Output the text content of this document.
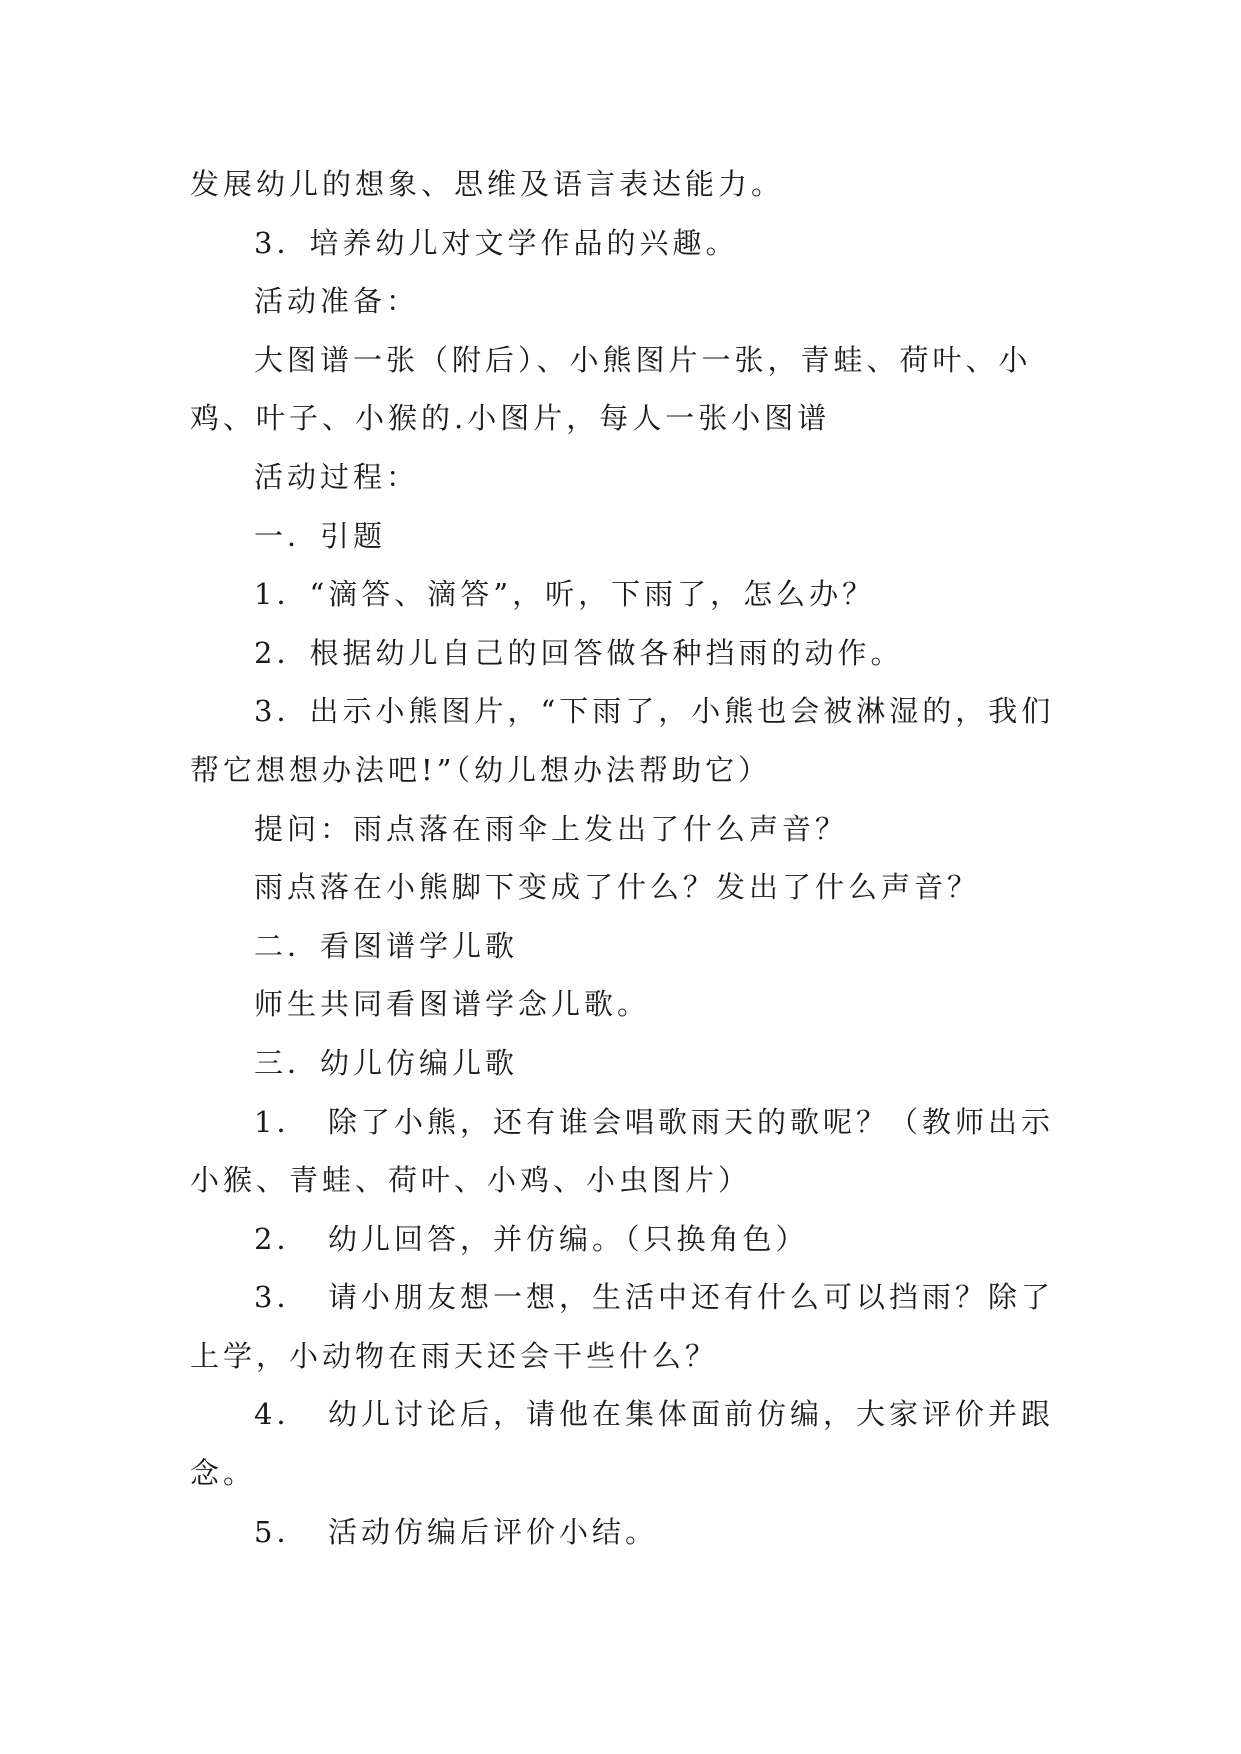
发展幼儿的想象、思维及语言表达能力。
3．培养幼儿对文学作品的兴趣。
活动准备：
大图谱一张（附后）、小熊图片一张，青蛙、荷叶、小
鸡、叶子、小猴的.小图片，每人一张小图谱
活动过程：
一．引题
1．“滴答、滴答”，听，下雨了，怎么办？
2．根据幼儿自己的回答做各种挡雨的动作。
3．出示小熊图片，“下雨了，小熊也会被淋湿的，我们
帮它想想办法吧!”（幼儿想办法帮助它）
提问：雨点落在雨伞上发出了什么声音？
雨点落在小熊脚下变成了什么？发出了什么声音？
二．看图谱学儿歌
师生共同看图谱学念儿歌。
三．幼儿仿编儿歌
1．　除了小熊，还有谁会唱歌雨天的歌呢？（教师出示
小猴、青蛙、荷叶、小鸡、小虫图片）
2．　幼儿回答，并仿编。（只换角色）
3．　请小朋友想一想，生活中还有什么可以挡雨？除了
上学，小动物在雨天还会干些什么？
4．　幼儿讨论后，请他在集体面前仿编，大家评价并跟
念。
5．　活动仿编后评价小结。
